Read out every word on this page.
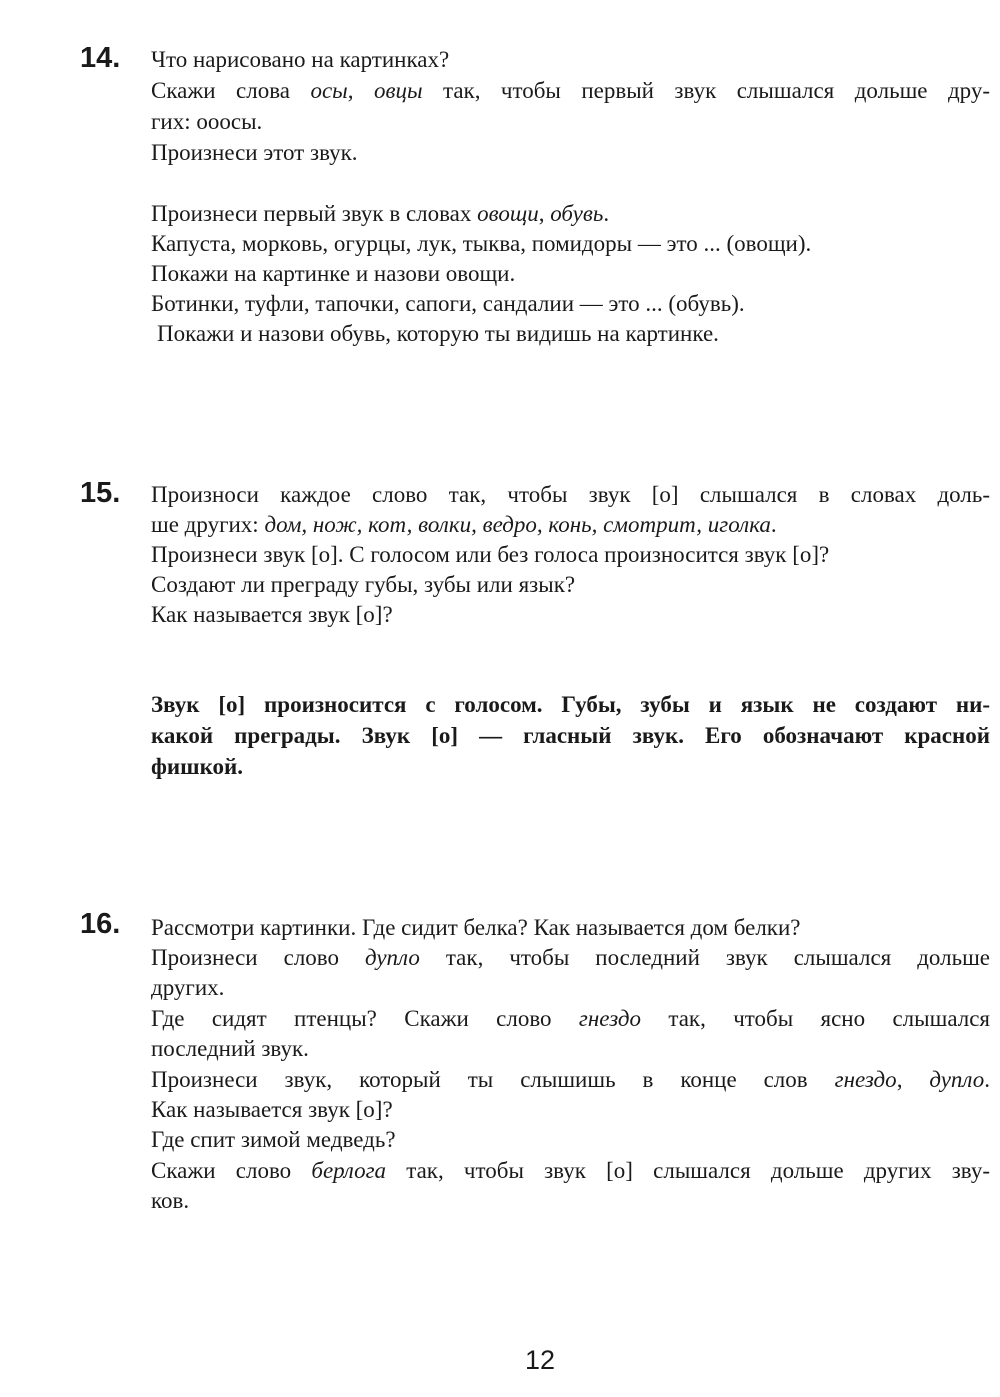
14. Что нарисовано на картинках?
Скажи слова осы, овцы так, чтобы первый звук слышался дольше дру-
гих: ooocы.
Произнеси этот звук.
Произнеси первый звук в словах овощи, обувь.
Капуста, морковь, огурцы, лук, тыква, помидоры — это ... (овощи).
Покажи на картинке и назови овощи.
Ботинки, туфли, тапочки, сапоги, сандалии — это ... (обувь).
Покажи и назови обувь, которую ты видишь на картинке.
15. Произноси каждое слово так, чтобы звук [о] слышался в словах доль-
ше других: дом, нож, кот, волки, ведро, конь, смотрит, иголка.
Произнеси звук [о]. С голосом или без голоса произносится звук [о]?
Создают ли преграду губы, зубы или язык?
Как называется звук [о]?
Звук [о] произносится с голосом. Губы, зубы и язык не создают ни-
какой преграды. Звук [о] — гласный звук. Его обозначают красной
фишкой.
16. Рассмотри картинки. Где сидит белка? Как называется дом белки?
Произнеси слово дупло так, чтобы последний звук слышался дольше
других.
Где сидят птенцы? Скажи слово гнездо так, чтобы ясно слышался
последний звук.
Произнеси звук, который ты слышишь в конце слов гнездо, дупло.
Как называется звук [о]?
Где спит зимой медведь?
Скажи слово берлога так, чтобы звук [о] слышался дольше других зву-
ков.
12
